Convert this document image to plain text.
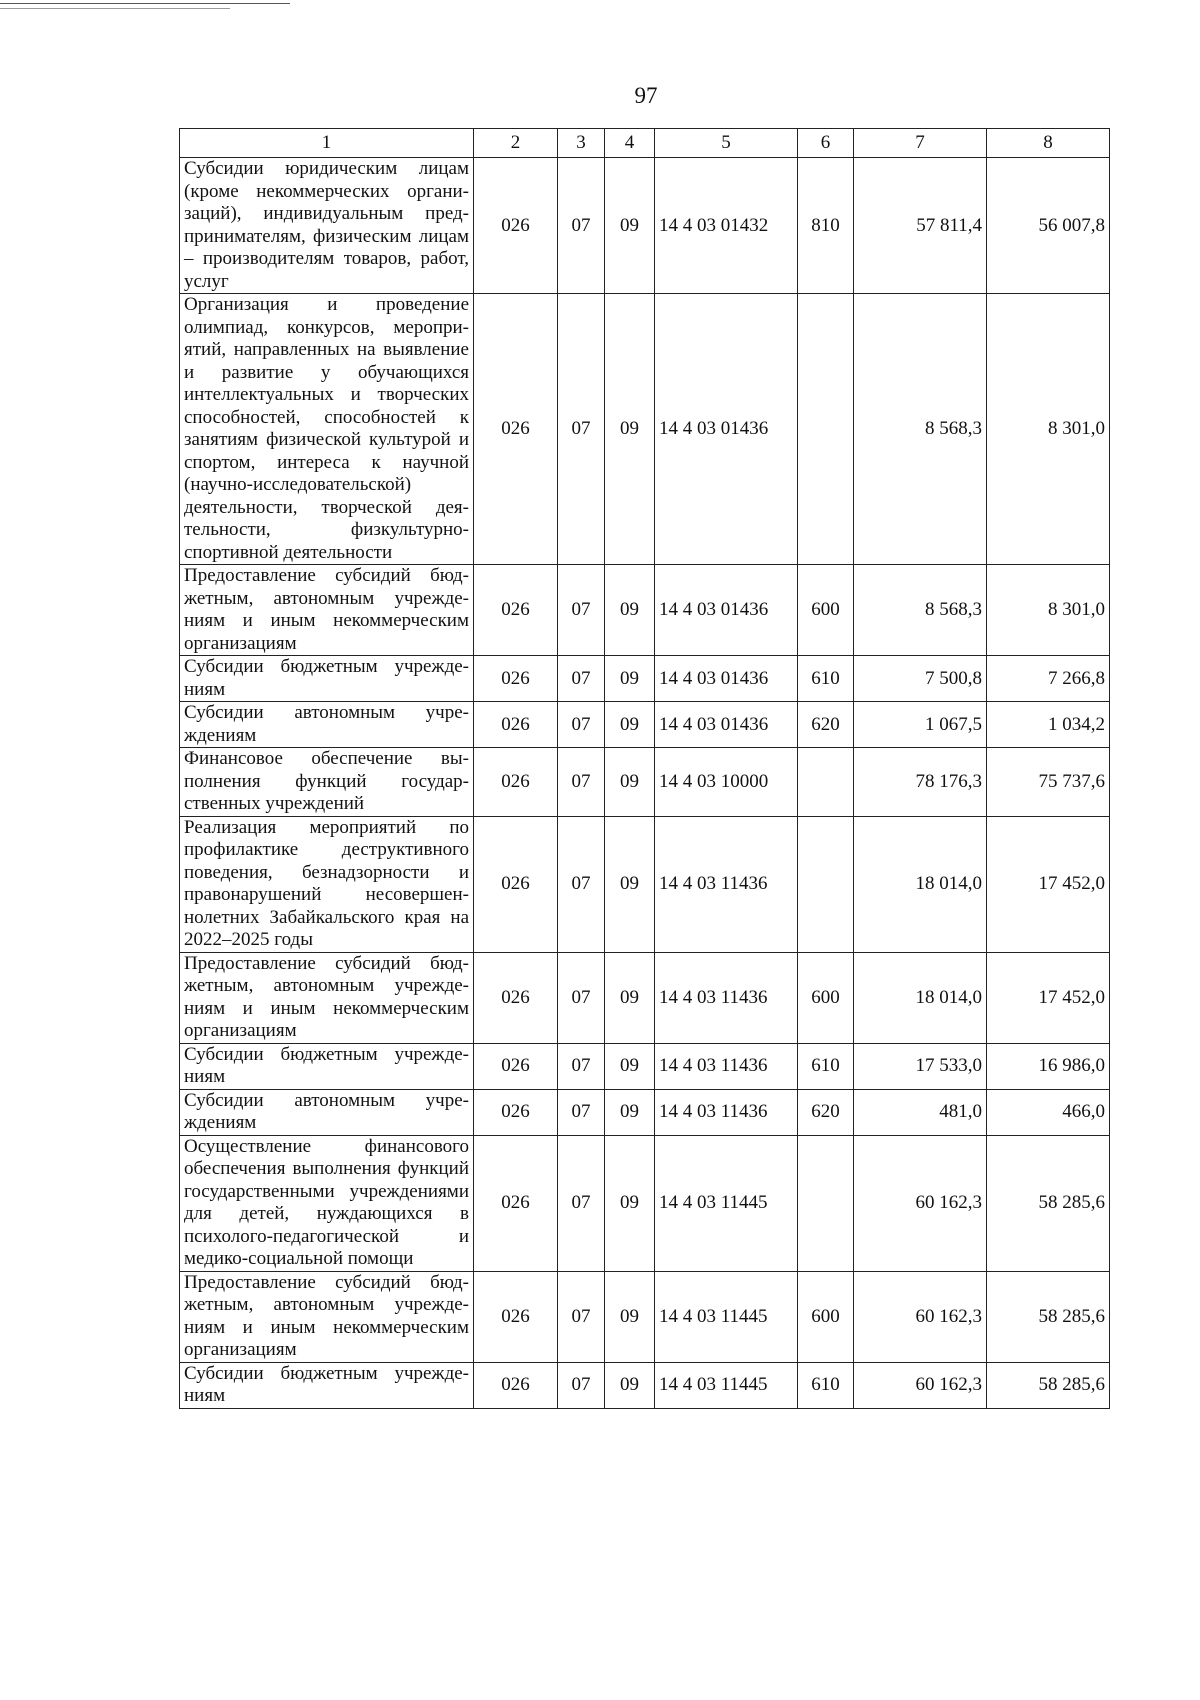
97
1	2	3	4	5	6	7	8
Субсидии юридическим лицам (кроме некоммерческих организаций), индивидуальным предпринимателям, физическим лицам – производителям товаров, работ, услуг	026	07	09	14 4 03 01432	810	57 811,4	56 007,8
Организация и проведение олимпиад, конкурсов, мероприятий, направленных на выявление и развитие у обучающихся интеллектуальных и творческих способностей, способностей к занятиям физической культурой и спортом, интереса к научной (научно-исследовательской) деятельности, творческой деятельности, физкультурно-спортивной деятельности	026	07	09	14 4 03 01436		8 568,3	8 301,0
Предоставление субсидий бюджетным, автономным учреждениям и иным некоммерческим организациям	026	07	09	14 4 03 01436	600	8 568,3	8 301,0
Субсидии бюджетным учреждениям	026	07	09	14 4 03 01436	610	7 500,8	7 266,8
Субсидии автономным учреждениям	026	07	09	14 4 03 01436	620	1 067,5	1 034,2
Финансовое обеспечение выполнения функций государственных учреждений	026	07	09	14 4 03 10000		78 176,3	75 737,6
Реализация мероприятий по профилактике деструктивного поведения, безнадзорности и правонарушений несовершеннолетних Забайкальского края на 2022–2025 годы	026	07	09	14 4 03 11436		18 014,0	17 452,0
Предоставление субсидий бюджетным, автономным учреждениям и иным некоммерческим организациям	026	07	09	14 4 03 11436	600	18 014,0	17 452,0
Субсидии бюджетным учреждениям	026	07	09	14 4 03 11436	610	17 533,0	16 986,0
Субсидии автономным учреждениям	026	07	09	14 4 03 11436	620	481,0	466,0
Осуществление финансового обеспечения выполнения функций государственными учреждениями для детей, нуждающихся в психолого-педагогической и медико-социальной помощи	026	07	09	14 4 03 11445		60 162,3	58 285,6
Предоставление субсидий бюджетным, автономным учреждениям и иным некоммерческим организациям	026	07	09	14 4 03 11445	600	60 162,3	58 285,6
Субсидии бюджетным учреждениям	026	07	09	14 4 03 11445	610	60 162,3	58 285,6
